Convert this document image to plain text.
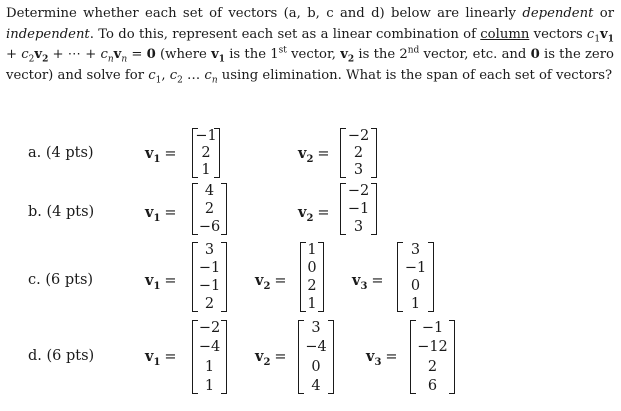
Determine whether each set of vectors (a, b, c and d) below are linearly dependent or independent. To do this, represent each set as a linear combination of column vectors $c_1v_1 + c_2v_2$ + ⋯ + $c_nv_n = 0$ (where $v_1$ is the 1st vector, $v_2$ is the 2nd vector, etc. and 0 is the zero vector) and solve for $c_1$, $c_2$ … $c_n$ using elimination. What is the span of each set of vectors?
a. (4 pts)	$v_1$ =
−1
2
1
$v_2$ =
−2
2
3
b. (4 pts)	$v_1$ =
4
2
−6
$v_2$ =
−2
−1
3
c. (6 pts)	$v_1$ =
3
−1
−1
2
$v_2$ =
1
0
2
1
$v_3$ =
3
−1
0
1
d. (6 pts)	$v_1$ =
−2
−4
1
1
$v_2$ =
3
−4
0
4
$v_3$ =
−1
−12
2
6
